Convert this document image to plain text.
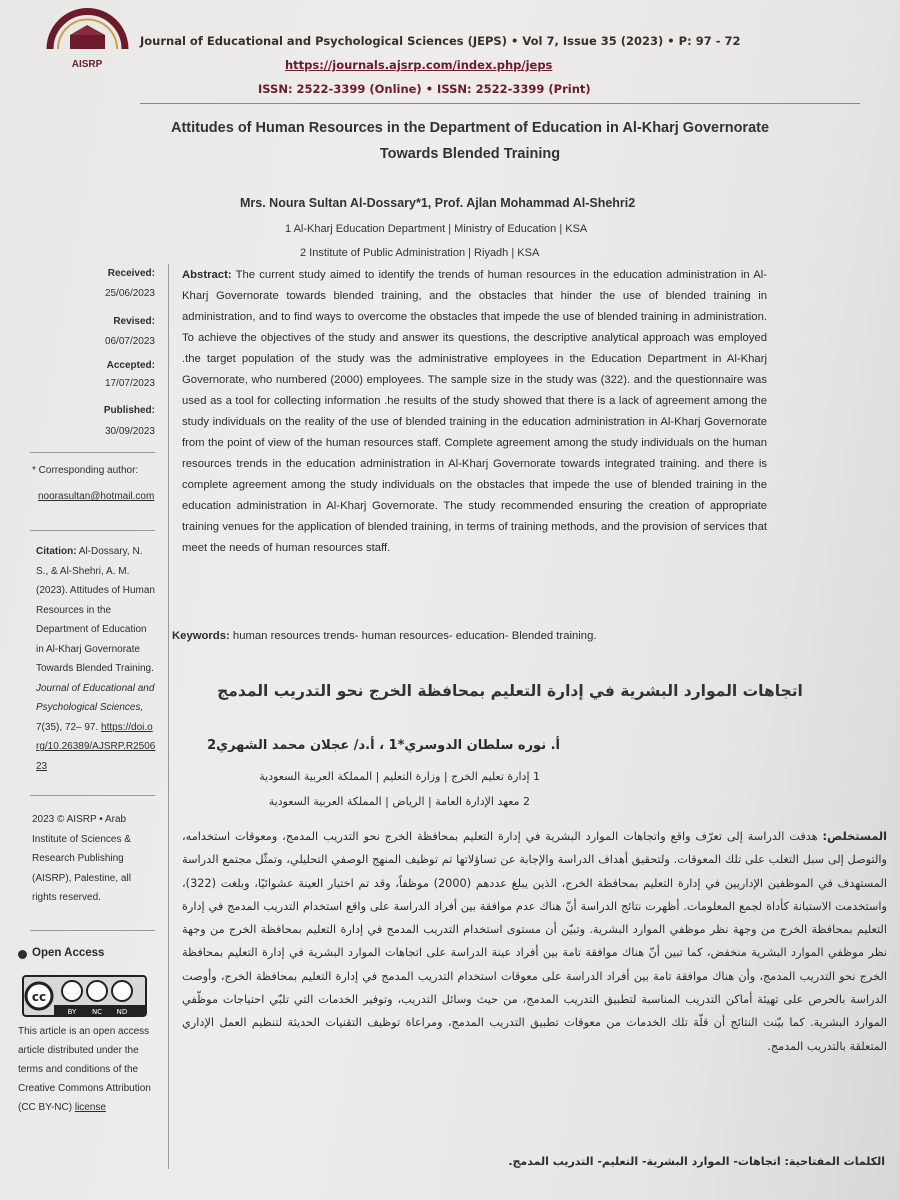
AISRP
Journal of Educational and Psychological Sciences (JEPS) • Vol 7, Issue 35 (2023) • P: 97 - 72
https://journals.ajsrp.com/index.php/jeps
ISSN: 2522-3399 (Online) • ISSN: 2522-3399 (Print)
Attitudes of Human Resources in the Department of Education in Al-Kharj Governorate
Towards Blended Training
Mrs. Noura Sultan Al-Dossary*1, Prof. Ajlan Mohammad Al-Shehri2
1 Al-Kharj Education Department | Ministry of Education | KSA
2 Institute of Public Administration | Riyadh | KSA
Received:
25/06/2023
Revised:
06/07/2023
Accepted:
17/07/2023
Published:
30/09/2023
* Corresponding author:
noorasultan@hotmail.com
Citation: Al-Dossary, N. S., & Al-Shehri, A. M. (2023). Attitudes of Human Resources in the Department of Education in Al-Kharj Governorate Towards Blended Training. Journal of Educational and Psychological Sciences, 7(35), 72– 97. https://doi.org/10.26389/AJSRP.R250623
2023 © AISRP • Arab Institute of Sciences & Research Publishing (AISRP), Palestine, all rights reserved.
Open Access
cc
BY NC ND
This article is an open access article distributed under the terms and conditions of the Creative Commons Attribution (CC BY-NC) license
Abstract: The current study aimed to identify the trends of human resources in the education administration in Al-Kharj Governorate towards blended training, and the obstacles that hinder the use of blended training in administration, and to find ways to overcome the obstacles that impede the use of blended training in administration. To achieve the objectives of the study and answer its questions, the descriptive analytical approach was employed .the target population of the study was the administrative employees in the Education Department in Al-Kharj Governorate, who numbered (2000) employees. The sample size in the study was (322). and the questionnaire was used as a tool for collecting information .he results of the study showed that there is a lack of agreement among the study individuals on the reality of the use of blended training in the education administration in Al-Kharj Governorate from the point of view of the human resources staff. Complete agreement among the study individuals on the human resources trends in the education administration in Al-Kharj Governorate towards integrated training. and there is complete agreement among the study individuals on the obstacles that impede the use of blended training in the education administration in Al-Kharj Governorate. The study recommended ensuring the creation of appropriate training venues for the application of blended training, in terms of training methods, and the provision of services that meet the needs of human resources staff.
Keywords: human resources trends- human resources- education- Blended training.
اتجاهات الموارد البشرية في إدارة التعليم بمحافظة الخرج نحو التدريب المدمج
أ. نوره سلطان الدوسري*1 ، أ.د/ عجلان محمد الشهري2
1 إدارة تعليم الخرج | وزارة التعليم | المملكة العربية السعودية
2 معهد الإدارة العامة | الرياض | المملكة العربية السعودية
المستخلص: هدفت الدراسة إلى تعرّف واقع واتجاهات الموارد البشرية في إدارة التعليم بمحافظة الخرج نحو التدريب المدمج، ومعوقات استخدامه، والتوصل إلى سبل التغلب على تلك المعوقات. ولتحقيق أهداف الدراسة والإجابة عن تساؤلاتها تم توظيف المنهج الوصفي التحليلي، وتمثّل مجتمع الدراسة المستهدف في الموظفين الإداريين في إدارة التعليم بمحافظة الخرج، الذين يبلغ عددهم (2000) موظفاً، وقد تم اختيار العينة عشوائيًا، وبلغت (322)، واستخدمت الاستبانة كأداة لجمع المعلومات. أظهرت نتائج الدراسة أنّ هناك عدم موافقة بين أفراد الدراسة على واقع استخدام التدريب المدمج في إدارة التعليم بمحافظة الخرج من وجهة نظر موظفي الموارد البشرية. وتبيّن أن مستوى استخدام التدريب المدمج في إدارة التعليم بمحافظة الخرج من وجهة نظر موظفي الموارد البشرية منخفض، كما تبين أنّ هناك موافقة تامة بين أفراد عينة الدراسة على اتجاهات الموارد البشرية في إدارة التعليم بمحافظة الخرج نحو التدريب المدمج، وأن هناك موافقة تامة بين أفراد الدراسة على معوقات استخدام التدريب المدمج في إدارة التعليم بمحافظة الخرج، وأوصت الدراسة بالحرص على تهيئة أماكن التدريب المناسبة لتطبيق التدريب المدمج، من حيث وسائل التدريب، وتوفير الخدمات التي تلبّي احتياجات موظّفي الموارد البشرية. كما بيّنت النتائج أن قلّة تلك الخدمات من معوقات تطبيق التدريب المدمج، ومراعاة توظيف التقنيات الحديثة لتنظيم العمل الإداري المتعلقة بالتدريب المدمج.
الكلمات المفتاحية: اتجاهات- الموارد البشرية- التعليم- التدريب المدمج.
